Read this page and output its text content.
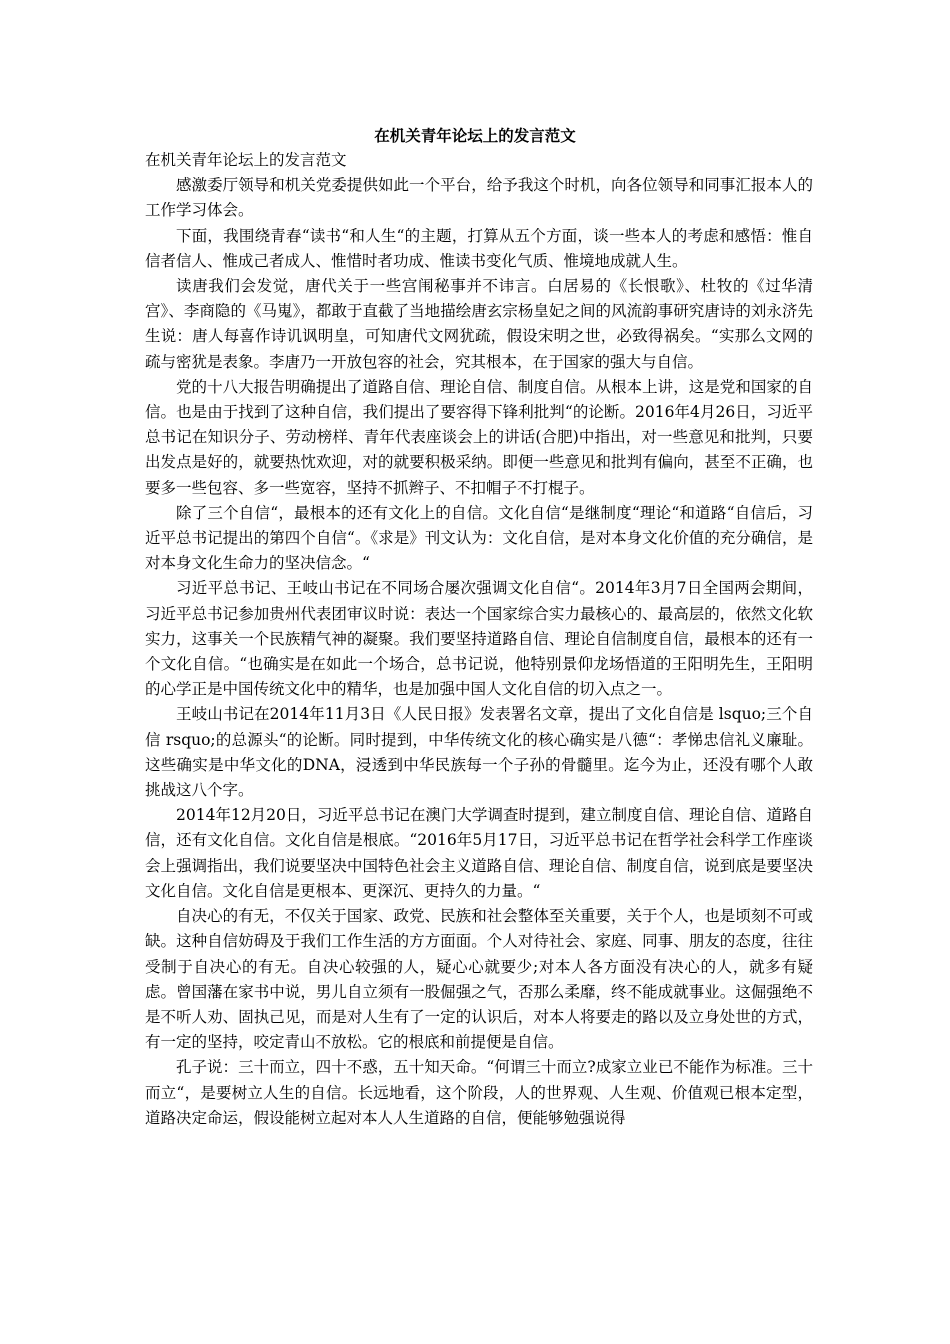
在机关青年论坛上的发言范文

在机关青年论坛上的发言范文

感激委厅领导和机关党委提供如此一个平台，给予我这个时机，向各位领导和同事汇报本人的工作学习体会。

下面，我围绕青春“读书“和人生“的主题，打算从五个方面，谈一些本人的考虑和感悟：惟自信者信人、惟成己者成人、惟惜时者功成、惟读书变化气质、惟境地成就人生。

读唐我们会发觉，唐代关于一些宫闱秘事并不讳言。白居易的《长恨歌》、杜牧的《过华清宫》、李商隐的《马嵬》，都敢于直截了当地描绘唐玄宗杨皇妃之间的风流韵事研究唐诗的刘永济先生说：唐人每喜作诗讥讽明皇，可知唐代文网犹疏，假设宋明之世，必致得祸矣。“实那么文网的疏与密犹是表象。李唐乃一开放包容的社会，究其根本，在于国家的强大与自信。

党的十八大报告明确提出了道路自信、理论自信、制度自信。从根本上讲，这是党和国家的自信。也是由于找到了这种自信，我们提出了要容得下锋利批判“的论断。2016年4月26日，习近平总书记在知识分子、劳动榜样、青年代表座谈会上的讲话(合肥)中指出，对一些意见和批判，只要出发点是好的，就要热忱欢迎，对的就要积极采纳。即便一些意见和批判有偏向，甚至不正确，也要多一些包容、多一些宽容，坚持不抓辫子、不扣帽子不打棍子。

除了三个自信“，最根本的还有文化上的自信。文化自信“是继制度“理论“和道路“自信后，习近平总书记提出的第四个自信“。《求是》刊文认为：文化自信，是对本身文化价值的充分确信，是对本身文化生命力的坚决信念。“

习近平总书记、王岐山书记在不同场合屡次强调文化自信“。2014年3月7日全国两会期间，习近平总书记参加贵州代表团审议时说：表达一个国家综合实力最核心的、最高层的，依然文化软实力，这事关一个民族精气神的凝聚。我们要坚持道路自信、理论自信制度自信，最根本的还有一个文化自信。“也确实是在如此一个场合，总书记说，他特别景仰龙场悟道的王阳明先生，王阳明的心学正是中国传统文化中的精华，也是加强中国人文化自信的切入点之一。

王岐山书记在2014年11月3日《人民日报》发表署名文章，提出了文化自信是 lsquo;三个自信 rsquo;的总源头“的论断。同时提到，中华传统文化的核心确实是八德“：孝悌忠信礼义廉耻。这些确实是中华文化的DNA，浸透到中华民族每一个子孙的骨髓里。迄今为止，还没有哪个人敢挑战这八个字。

2014年12月20日，习近平总书记在澳门大学调查时提到，建立制度自信、理论自信、道路自信，还有文化自信。文化自信是根底。“2016年5月17日，习近平总书记在哲学社会科学工作座谈会上强调指出，我们说要坚决中国特色社会主义道路自信、理论自信、制度自信，说到底是要坚决文化自信。文化自信是更根本、更深沉、更持久的力量。“

自决心的有无，不仅关于国家、政党、民族和社会整体至关重要，关于个人，也是顷刻不可或缺。这种自信妨碍及于我们工作生活的方方面面。个人对待社会、家庭、同事、朋友的态度，往往受制于自决心的有无。自决心较强的人，疑心心就要少;对本人各方面没有决心的人，就多有疑虑。曾国藩在家书中说，男儿自立须有一股倔强之气，否那么柔靡，终不能成就事业。这倔强绝不是不听人劝、固执己见，而是对人生有了一定的认识后，对本人将要走的路以及立身处世的方式，有一定的坚持，咬定青山不放松。它的根底和前提便是自信。

孔子说：三十而立，四十不惑，五十知天命。“何谓三十而立?成家立业已不能作为标准。三十而立“，是要树立人生的自信。长远地看，这个阶段，人的世界观、人生观、价值观已根本定型，道路决定命运，假设能树立起对本人人生道路的自信，便能够勉强说得
